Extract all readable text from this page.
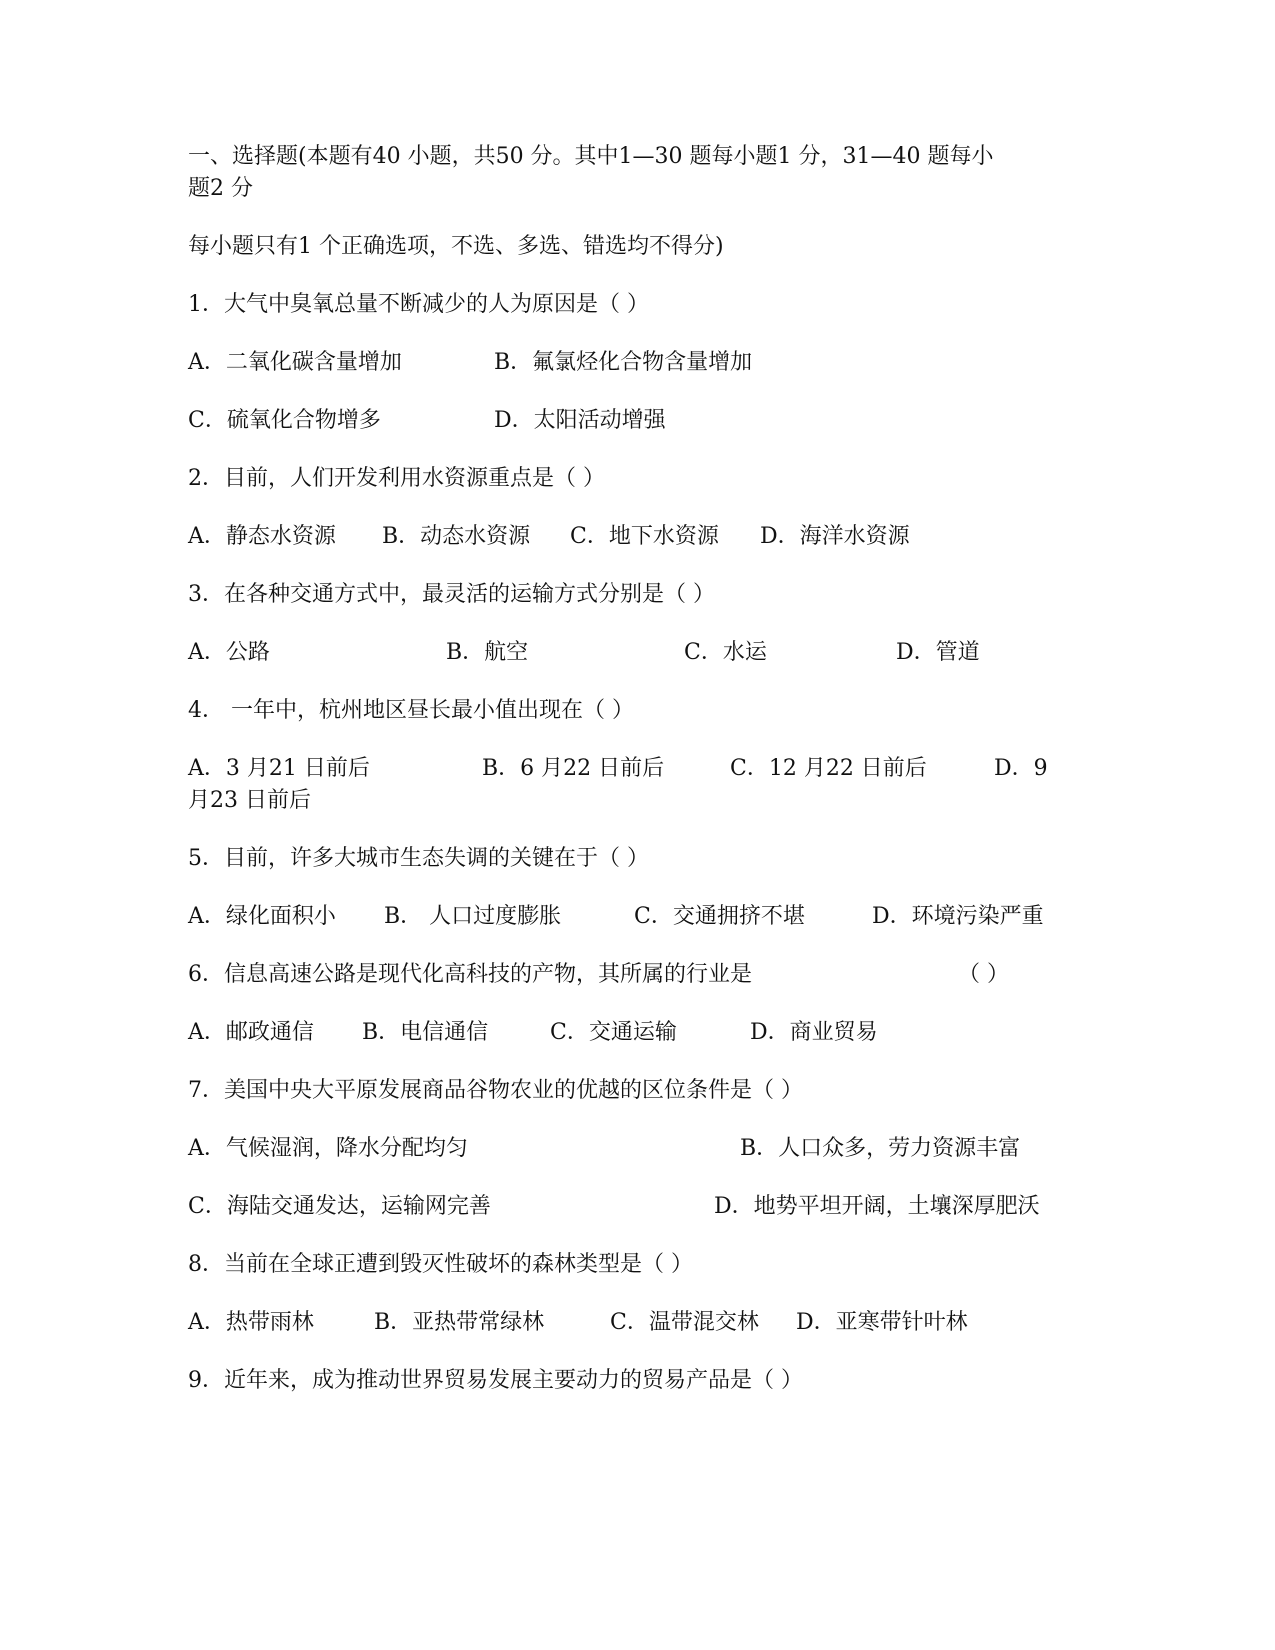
一、选择题(本题有40 小题，共50 分。其中1—30 题每小题1 分，31—40 题每小
题2 分
每小题只有1 个正确选项，不选、多选、错选均不得分)
1．大气中臭氧总量不断减少的人为原因是（ ）
A．二氧化碳含量增加	B．氟氯烃化合物含量增加
C．硫氧化合物增多	D．太阳活动增强
2．目前，人们开发利用水资源重点是（ ）
A．静态水资源 B．动态水资源 C．地下水资源 D．海洋水资源
3．在各种交通方式中，最灵活的运输方式分别是（ ）
A．公路	B．航空	C．水运	D．管道
4． 一年中，杭州地区昼长最小值出现在（ ）
A．3 月21 日前后	B．6 月22 日前后	C．12 月22 日前后	D．9
月23 日前后
5．目前，许多大城市生态失调的关键在于（ ）
A．绿化面积小 B． 人口过度膨胀	C．交通拥挤不堪	D．环境污染严重
6．信息高速公路是现代化高科技的产物，其所属的行业是	（ ）
A．邮政通信 B．电信通信	C．交通运输	D．商业贸易
7．美国中央大平原发展商品谷物农业的优越的区位条件是（ ）
A．气候湿润，降水分配均匀	B．人口众多，劳力资源丰富
C．海陆交通发达，运输网完善	D．地势平坦开阔，土壤深厚肥沃
8．当前在全球正遭到毁灭性破坏的森林类型是（ ）
A．热带雨林	B．亚热带常绿林	C．温带混交林 D．亚寒带针叶林
9．近年来，成为推动世界贸易发展主要动力的贸易产品是（ ）
